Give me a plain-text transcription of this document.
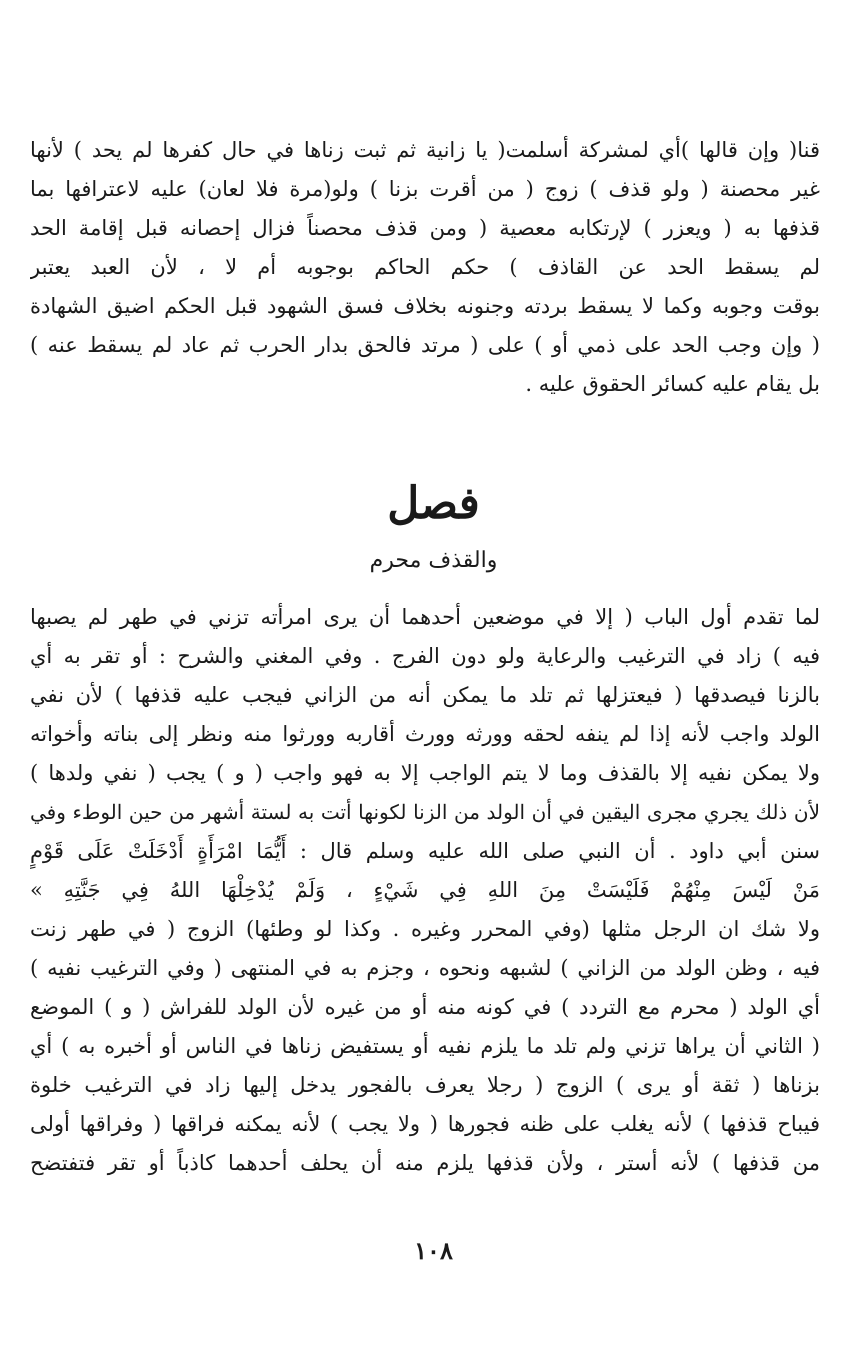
قنا( وإن قالها )أي لمشركة أسلمت( يا زانية ثم ثبت زناها في حال كفرها لم يحد ) لأنها
غير محصنة ( ولو قذف ) زوج ( من أقرت بزنا ) ولو(مرة فلا لعان) عليه لاعترافها بما
قذفها به ( ويعزر ) لإرتكابه معصية ( ومن قذف محصناً فزال إحصانه قبل إقامة الحد
لم يسقط الحد عن القاذف ) حكم الحاكم بوجوبه أم لا ، لأن العبد يعتبر
بوقت وجوبه وكما لا يسقط بردته وجنونه بخلاف فسق الشهود قبل الحكم اضيق الشهادة
( وإن وجب الحد على ذمي أو ) على ( مرتد فالحق بدار الحرب ثم عاد لم يسقط عنه )
بل يقام عليه كسائر الحقوق عليه .
فصل
والقذف محرم
لما تقدم أول الباب ( إلا في موضعين أحدهما أن يرى امرأته تزني في طهر لم يصبها
فيه ) زاد في الترغيب والرعاية ولو دون الفرج . وفي المغني والشرح : أو تقر به أي
بالزنا فيصدقها ( فيعتزلها ثم تلد ما يمكن أنه من الزاني فيجب عليه قذفها ) لأن نفي
الولد واجب لأنه إذا لم ينفه لحقه وورثه وورث أقاربه وورثوا منه ونظر إلى بناته وأخواته
ولا يمكن نفيه إلا بالقذف وما لا يتم الواجب إلا به فهو واجب ( و ) يجب ( نفي ولدها )
لأن ذلك يجري مجرى اليقين في أن الولد من الزنا لكونها أتت به لستة أشهر من حين الوطء وفي
سنن أبي داود . أن النبي صلى الله عليه وسلم قال : أَيُّمَا امْرَأَةٍ أَدْخَلَتْ عَلَى قَوْمٍ
مَنْ لَيْسَ مِنْهُمْ فَلَيْسَتْ مِنَ اللهِ فِي شَيْءٍ ، وَلَمْ يُدْخِلْهَا اللهُ فِي جَنَّتِهِ »
ولا شك ان الرجل مثلها (وفي المحرر وغيره . وكذا لو وطئها) الزوج ( في طهر زنت
فيه ، وظن الولد من الزاني ) لشبهه ونحوه ، وجزم به في المنتهى ( وفي الترغيب نفيه )
أي الولد ( محرم مع التردد ) في كونه منه أو من غيره لأن الولد للفراش ( و ) الموضع
( الثاني أن يراها تزني ولم تلد ما يلزم نفيه أو يستفيض زناها في الناس أو أخبره به ) أي
بزناها ( ثقة أو يرى ) الزوج ( رجلا يعرف بالفجور يدخل إليها زاد في الترغيب خلوة
فيباح قذفها ) لأنه يغلب على ظنه فجورها ( ولا يجب ) لأنه يمكنه فراقها ( وفراقها أولى
من قذفها ) لأنه أستر ، ولأن قذفها يلزم منه أن يحلف أحدهما كاذباً أو تقر فتفتضح
١٠٨
